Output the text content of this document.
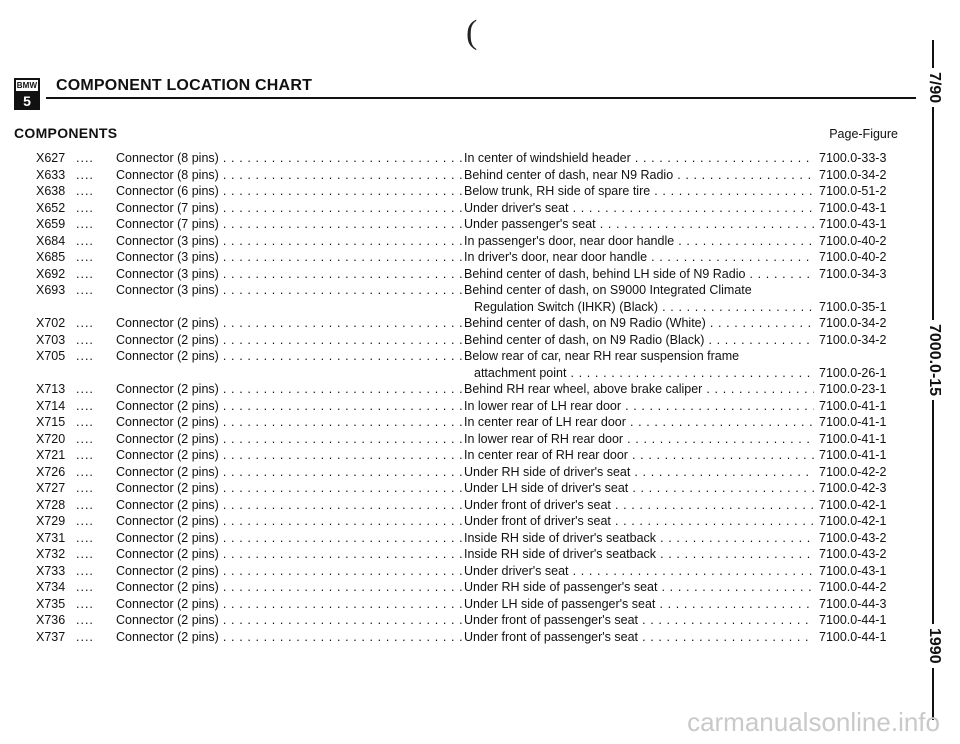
(
BMW
5
COMPONENT LOCATION CHART
COMPONENTS	Page-Figure
X627 ....	Connector (8 pins) . . .	In center of windshield header . . .	7100.0-33-3
X633 ....	Connector (8 pins) . . .	Behind center of dash, near N9 Radio . . .	7100.0-34-2
X638 ....	Connector (6 pins) . . .	Below trunk, RH side of spare tire . . .	7100.0-51-2
X652 ....	Connector (7 pins) . . .	Under driver's seat . . .	7100.0-43-1
X659 ....	Connector (7 pins) . . .	Under passenger's seat . . .	7100.0-43-1
X684 ....	Connector (3 pins) . . .	In passenger's door, near door handle . . .	7100.0-40-2
X685 ....	Connector (3 pins) . . .	In driver's door, near door handle . . .	7100.0-40-2
X692 ....	Connector (3 pins) . . .	Behind center of dash, behind LH side of N9 Radio . . .	7100.0-34-3
X693 ....	Connector (3 pins) . . .	Behind center of dash, on S9000 Integrated Climate
Regulation Switch (IHKR) (Black) . . .	7100.0-35-1
X702 ....	Connector (2 pins) . . .	Behind center of dash, on N9 Radio (White) . . .	7100.0-34-2
X703 ....	Connector (2 pins) . . .	Behind center of dash, on N9 Radio (Black) . . .	7100.0-34-2
X705 ....	Connector (2 pins) . . .	Below rear of car, near RH rear suspension frame
attachment point . . .	7100.0-26-1
X713 ....	Connector (2 pins) . . .	Behind RH rear wheel, above brake caliper . . .	7100.0-23-1
X714 ....	Connector (2 pins) . . .	In lower rear of LH rear door . . .	7100.0-41-1
X715 ....	Connector (2 pins) . . .	In center rear of LH rear door . . .	7100.0-41-1
X720 ....	Connector (2 pins) . . .	In lower rear of RH rear door . . .	7100.0-41-1
X721 ....	Connector (2 pins) . . .	In center rear of RH rear door . . .	7100.0-41-1
X726 ....	Connector (2 pins) . . .	Under RH side of driver's seat . . .	7100.0-42-2
X727 ....	Connector (2 pins) . . .	Under LH side of driver's seat . . .	7100.0-42-3
X728 ....	Connector (2 pins) . . .	Under front of driver's seat . . .	7100.0-42-1
X729 ....	Connector (2 pins) . . .	Under front of driver's seat . . .	7100.0-42-1
X731 ....	Connector (2 pins) . . .	Inside RH side of driver's seatback . . .	7100.0-43-2
X732 ....	Connector (2 pins) . . .	Inside RH side of driver's seatback . . .	7100.0-43-2
X733 ....	Connector (2 pins) . . .	Under driver's seat . . .	7100.0-43-1
X734 ....	Connector (2 pins) . . .	Under RH side of passenger's seat . . .	7100.0-44-2
X735 ....	Connector (2 pins) . . .	Under LH side of passenger's seat . . .	7100.0-44-3
X736 ....	Connector (2 pins) . . .	Under front of passenger's seat . . .	7100.0-44-1
X737 ....	Connector (2 pins) . . .	Under front of passenger's seat . . .	7100.0-44-1
7/90
7000.0-15
1990
carmanualsonline.info
